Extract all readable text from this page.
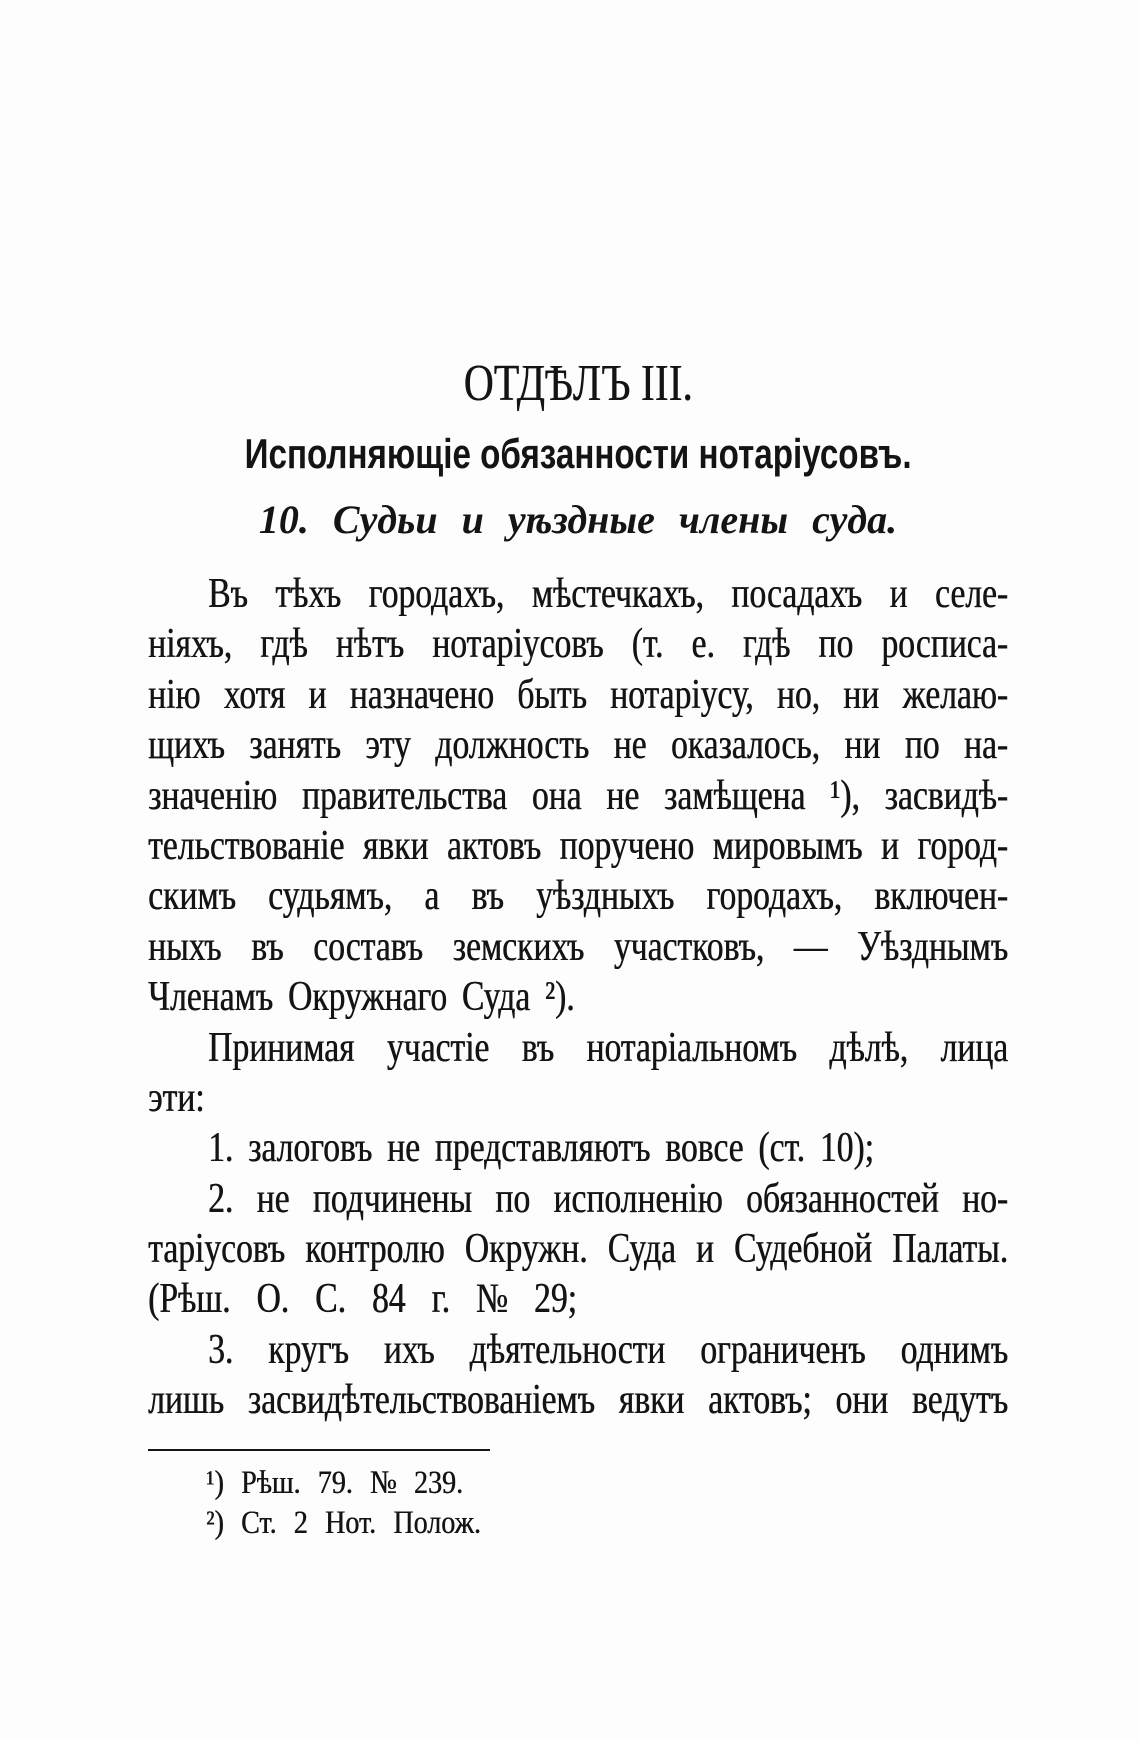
ОТДѢЛЪ III.
Исполняющіе обязанности нотаріусовъ.
10. Судьи и уѣздные члены суда.
Въ тѣхъ городахъ, мѣстечкахъ, посадахъ и селе-
ніяхъ, гдѣ нѣтъ нотаріусовъ (т. е. гдѣ по росписа-
нію хотя и назначено быть нотаріусу, но, ни желаю-
щихъ занять эту должность не оказалось, ни по на-
значенію правительства она не замѣщена ¹), засвидѣ-
тельствованіе явки актовъ поручено мировымъ и город-
скимъ судьямъ, а въ уѣздныхъ городахъ, включен-
ныхъ въ составъ земскихъ участковъ, — Уѣзднымъ
Членамъ Окружнаго Суда ²).
Принимая участіе въ нотаріальномъ дѣлѣ, лица
эти:
1. залоговъ не представляютъ вовсе (ст. 10);
2. не подчинены по исполненію обязанностей но-
таріусовъ контролю Окружн. Суда и Судебной Палаты.
(Рѣш. О. С. 84 г. № 29;
3. кругъ ихъ дѣятельности ограниченъ однимъ
лишь засвидѣтельствованіемъ явки актовъ; они ведутъ
¹) Рѣш. 79. № 239.
²) Ст. 2 Нот. Полож.
